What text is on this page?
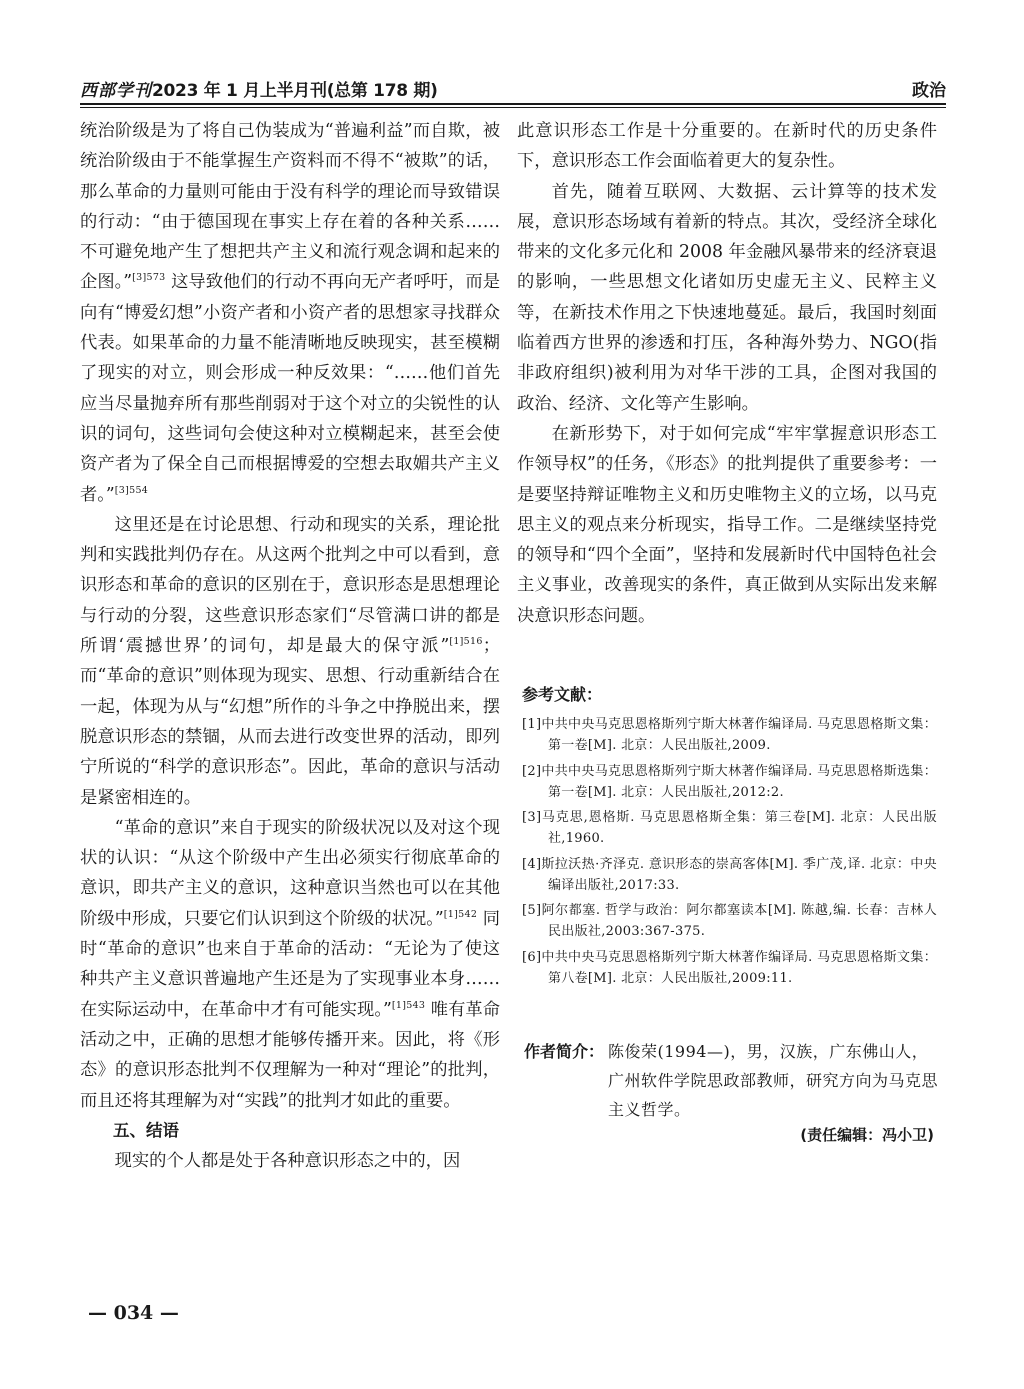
西部学刊2023 年 1 月上半月刊(总第 178 期)	政治

统治阶级是为了将自己伪装成为“普遍利益”而自欺，被统治阶级由于不能掌握生产资料而不得不“被欺”的话，那么革命的力量则可能由于没有科学的理论而导致错误的行动：“由于德国现在事实上存在着的各种关系……不可避免地产生了想把共产主义和流行观念调和起来的企图。”$^{[3]573}$ 这导致他们的行动不再向无产者呼吁，而是向有“博爱幻想”小资产者和小资产者的思想家寻找群众代表。如果革命的力量不能清晰地反映现实，甚至模糊了现实的对立，则会形成一种反效果：“……他们首先应当尽量抛弃所有那些削弱对于这个对立的尖锐性的认识的词句，这些词句会使这种对立模糊起来，甚至会使资产者为了保全自己而根据博爱的空想去取媚共产主义者。”$^{[3]554}$

这里还是在讨论思想、行动和现实的关系，理论批判和实践批判仍存在。从这两个批判之中可以看到，意识形态和革命的意识的区别在于，意识形态是思想理论与行动的分裂，这些意识形态家们“尽管满口讲的都是所谓‘震撼世界’的词句，却是最大的保守派”$^{[1]516}$；而“革命的意识”则体现为现实、思想、行动重新结合在一起，体现为从与“幻想”所作的斗争之中挣脱出来，摆脱意识形态的禁锢，从而去进行改变世界的活动，即列宁所说的“科学的意识形态”。因此，革命的意识与活动是紧密相连的。

“革命的意识”来自于现实的阶级状况以及对这个现状的认识：“从这个阶级中产生出必须实行彻底革命的意识，即共产主义的意识，这种意识当然也可以在其他阶级中形成，只要它们认识到这个阶级的状况。”$^{[1]542}$ 同时“革命的意识”也来自于革命的活动：“无论为了使这种共产主义意识普遍地产生还是为了实现事业本身……在实际运动中，在革命中才有可能实现。”$^{[1]543}$ 唯有革命活动之中，正确的思想才能够传播开来。因此，将《形态》的意识形态批判不仅理解为一种对“理论”的批判，而且还将其理解为对“实践”的批判才如此的重要。

五、结语

现实的个人都是处于各种意识形态之中的，因

此意识形态工作是十分重要的。在新时代的历史条件下，意识形态工作会面临着更大的复杂性。

首先，随着互联网、大数据、云计算等的技术发展，意识形态场域有着新的特点。其次，受经济全球化带来的文化多元化和 2008 年金融风暴带来的经济衰退的影响，一些思想文化诸如历史虚无主义、民粹主义等，在新技术作用之下快速地蔓延。最后，我国时刻面临着西方世界的渗透和打压，各种海外势力、NGO(指非政府组织)被利用为对华干涉的工具，企图对我国的政治、经济、文化等产生影响。

在新形势下，对于如何完成“牢牢掌握意识形态工作领导权”的任务，《形态》的批判提供了重要参考：一是要坚持辩证唯物主义和历史唯物主义的立场，以马克思主义的观点来分析现实，指导工作。二是继续坚持党的领导和“四个全面”，坚持和发展新时代中国特色社会主义事业，改善现实的条件，真正做到从实际出发来解决意识形态问题。

参考文献：
[1]中共中央马克思恩格斯列宁斯大林著作编译局. 马克思恩格斯文集：第一卷[M]. 北京：人民出版社,2009.
[2]中共中央马克思恩格斯列宁斯大林著作编译局. 马克思恩格斯选集：第一卷[M]. 北京：人民出版社,2012:2.
[3]马克思,恩格斯. 马克思恩格斯全集：第三卷[M]. 北京：人民出版社,1960.
[4]斯拉沃热·齐泽克. 意识形态的崇高客体[M]. 季广茂,译. 北京：中央编译出版社,2017:33.
[5]阿尔都塞. 哲学与政治：阿尔都塞读本[M]. 陈越,编. 长春：吉林人民出版社,2003:367-375.
[6]中共中央马克思恩格斯列宁斯大林著作编译局. 马克思恩格斯文集：第八卷[M]. 北京：人民出版社,2009:11.
作者简介： 陈俊荣(1994—)，男，汉族，广东佛山人，广州软件学院思政部教师，研究方向为马克思主义哲学。
(责任编辑：冯小卫)
— 034 —
